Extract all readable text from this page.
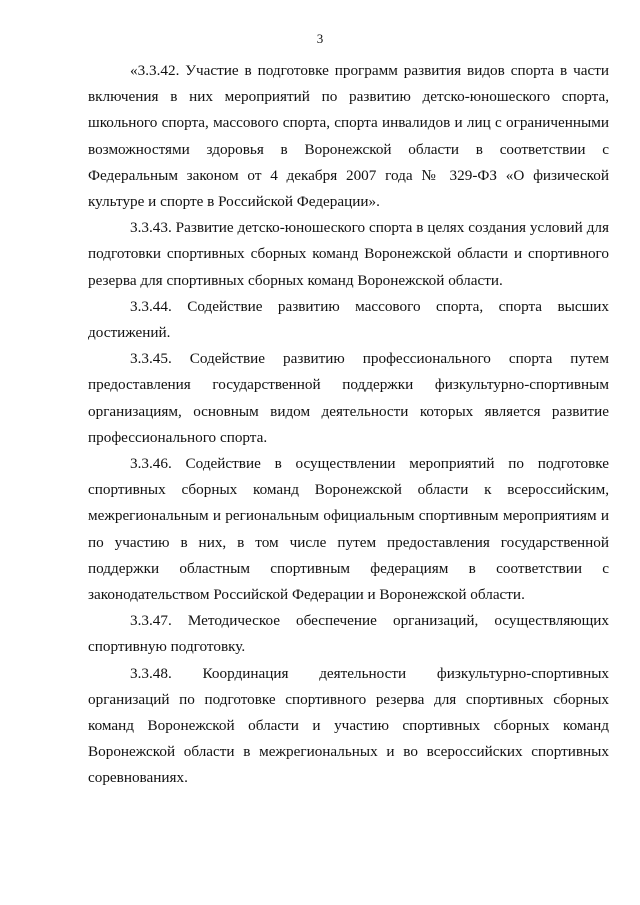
3

«3.3.42. Участие в подготовке программ развития видов спорта в части включения в них мероприятий по развитию детско-юношеского спорта, школьного спорта, массового спорта, спорта инвалидов и лиц с ограниченными возможностями здоровья в Воронежской области в соответствии с Федеральным законом от 4 декабря 2007 года № 329-ФЗ «О физической культуре и спорте в Российской Федерации».

3.3.43. Развитие детско-юношеского спорта в целях создания условий для подготовки спортивных сборных команд Воронежской области и спортивного резерва для спортивных сборных команд Воронежской области.

3.3.44. Содействие развитию массового спорта, спорта высших достижений.

3.3.45. Содействие развитию профессионального спорта путем предоставления государственной поддержки физкультурно-спортивным организациям, основным видом деятельности которых является развитие профессионального спорта.

3.3.46. Содействие в осуществлении мероприятий по подготовке спортивных сборных команд Воронежской области к всероссийским, межрегиональным и региональным официальным спортивным мероприятиям и по участию в них, в том числе путем предоставления государственной поддержки областным спортивным федерациям в соответствии с законодательством Российской Федерации и Воронежской области.

3.3.47. Методическое обеспечение организаций, осуществляющих спортивную подготовку.

3.3.48. Координация деятельности физкультурно-спортивных организаций по подготовке спортивного резерва для спортивных сборных команд Воронежской области и участию спортивных сборных команд Воронежской области в межрегиональных и во всероссийских спортивных соревнованиях.
